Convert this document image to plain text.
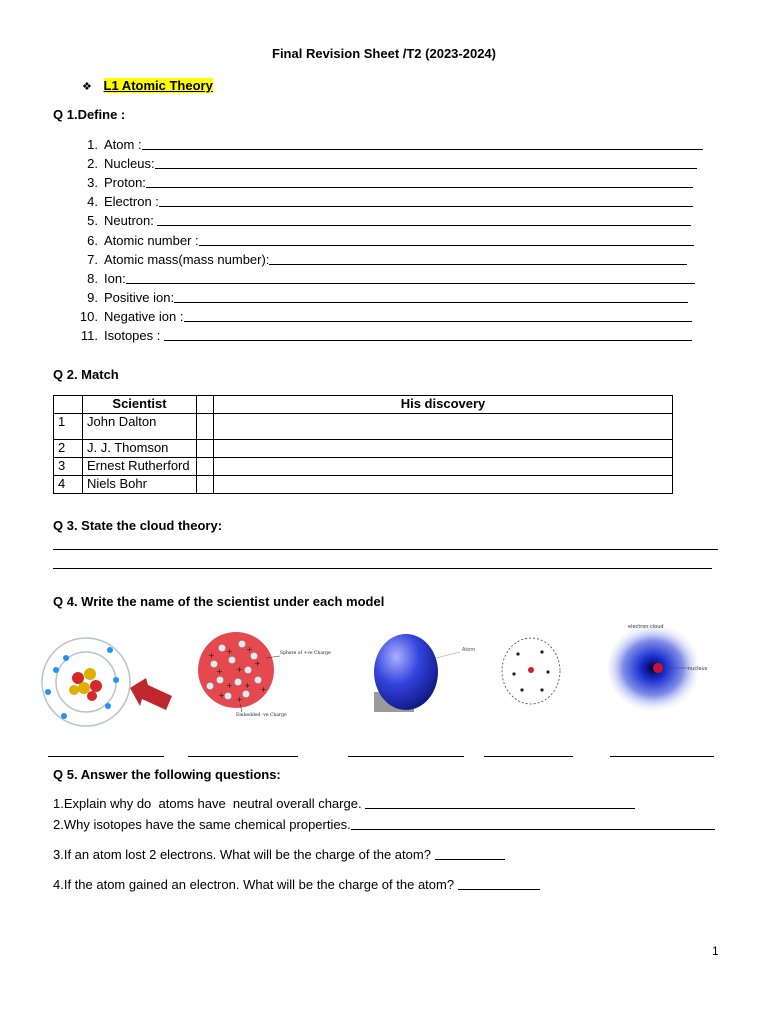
Final Revision Sheet /T2 (2023-2024)
❖ L1 Atomic Theory
Q 1.Define :
1. Atom :
2. Nucleus:
3. Proton:
4. Electron :
5. Neutron:
6. Atomic number :
7. Atomic mass(mass number):
8. Ion:
9. Positive ion:
10. Negative ion :
11. Isotopes :
Q 2. Match
	Scientist		His discovery
1	John Dalton		
2	J. J. Thomson		
3	Ernest Rutherford		
4	Niels Bohr		
Q 3. State the cloud theory:
Q 4. Write the name of the scientist under each model
+ +
+ +
+
+ + +
+
+
+
Sphere of +ve Charge
Embedded -ve Charge
Atom
electron cloud
nucleus
Q 5. Answer the following questions:
1.Explain why do  atoms have  neutral overall charge.
2.Why isotopes have the same chemical properties.
3.If an atom lost 2 electrons. What will be the charge of the atom?
4.If the atom gained an electron. What will be the charge of the atom?
1
